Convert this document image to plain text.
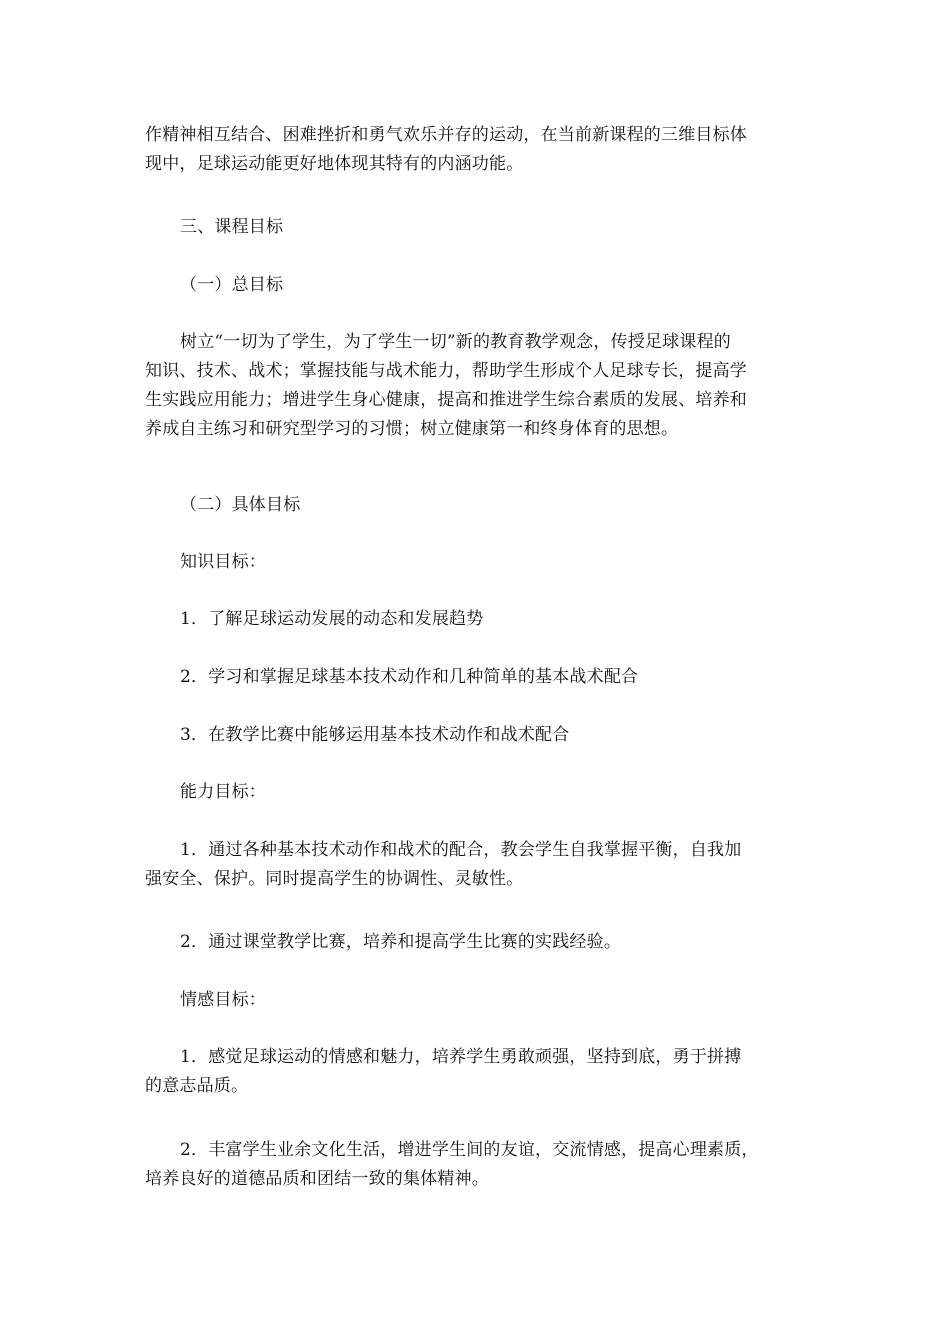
作精神相互结合、困难挫折和勇气欢乐并存的运动，在当前新课程的三维目标体
现中，足球运动能更好地体现其特有的内涵功能。

三、课程目标

（一）总目标

树立“一切为了学生，为了学生一切”新的教育教学观念，传授足球课程的
知识、技术、战术；掌握技能与战术能力，帮助学生形成个人足球专长，提高学
生实践应用能力；增进学生身心健康，提高和推进学生综合素质的发展、培养和
养成自主练习和研究型学习的习惯；树立健康第一和终身体育的思想。

（二）具体目标

知识目标：

1．了解足球运动发展的动态和发展趋势

2．学习和掌握足球基本技术动作和几种简单的基本战术配合

3．在教学比赛中能够运用基本技术动作和战术配合

能力目标：

1．通过各种基本技术动作和战术的配合，教会学生自我掌握平衡，自我加
强安全、保护。同时提高学生的协调性、灵敏性。

2．通过课堂教学比赛，培养和提高学生比赛的实践经验。

情感目标：

1．感觉足球运动的情感和魅力，培养学生勇敢顽强，坚持到底，勇于拼搏
的意志品质。

2．丰富学生业余文化生活，增进学生间的友谊，交流情感，提高心理素质，
培养良好的道德品质和团结一致的集体精神。
